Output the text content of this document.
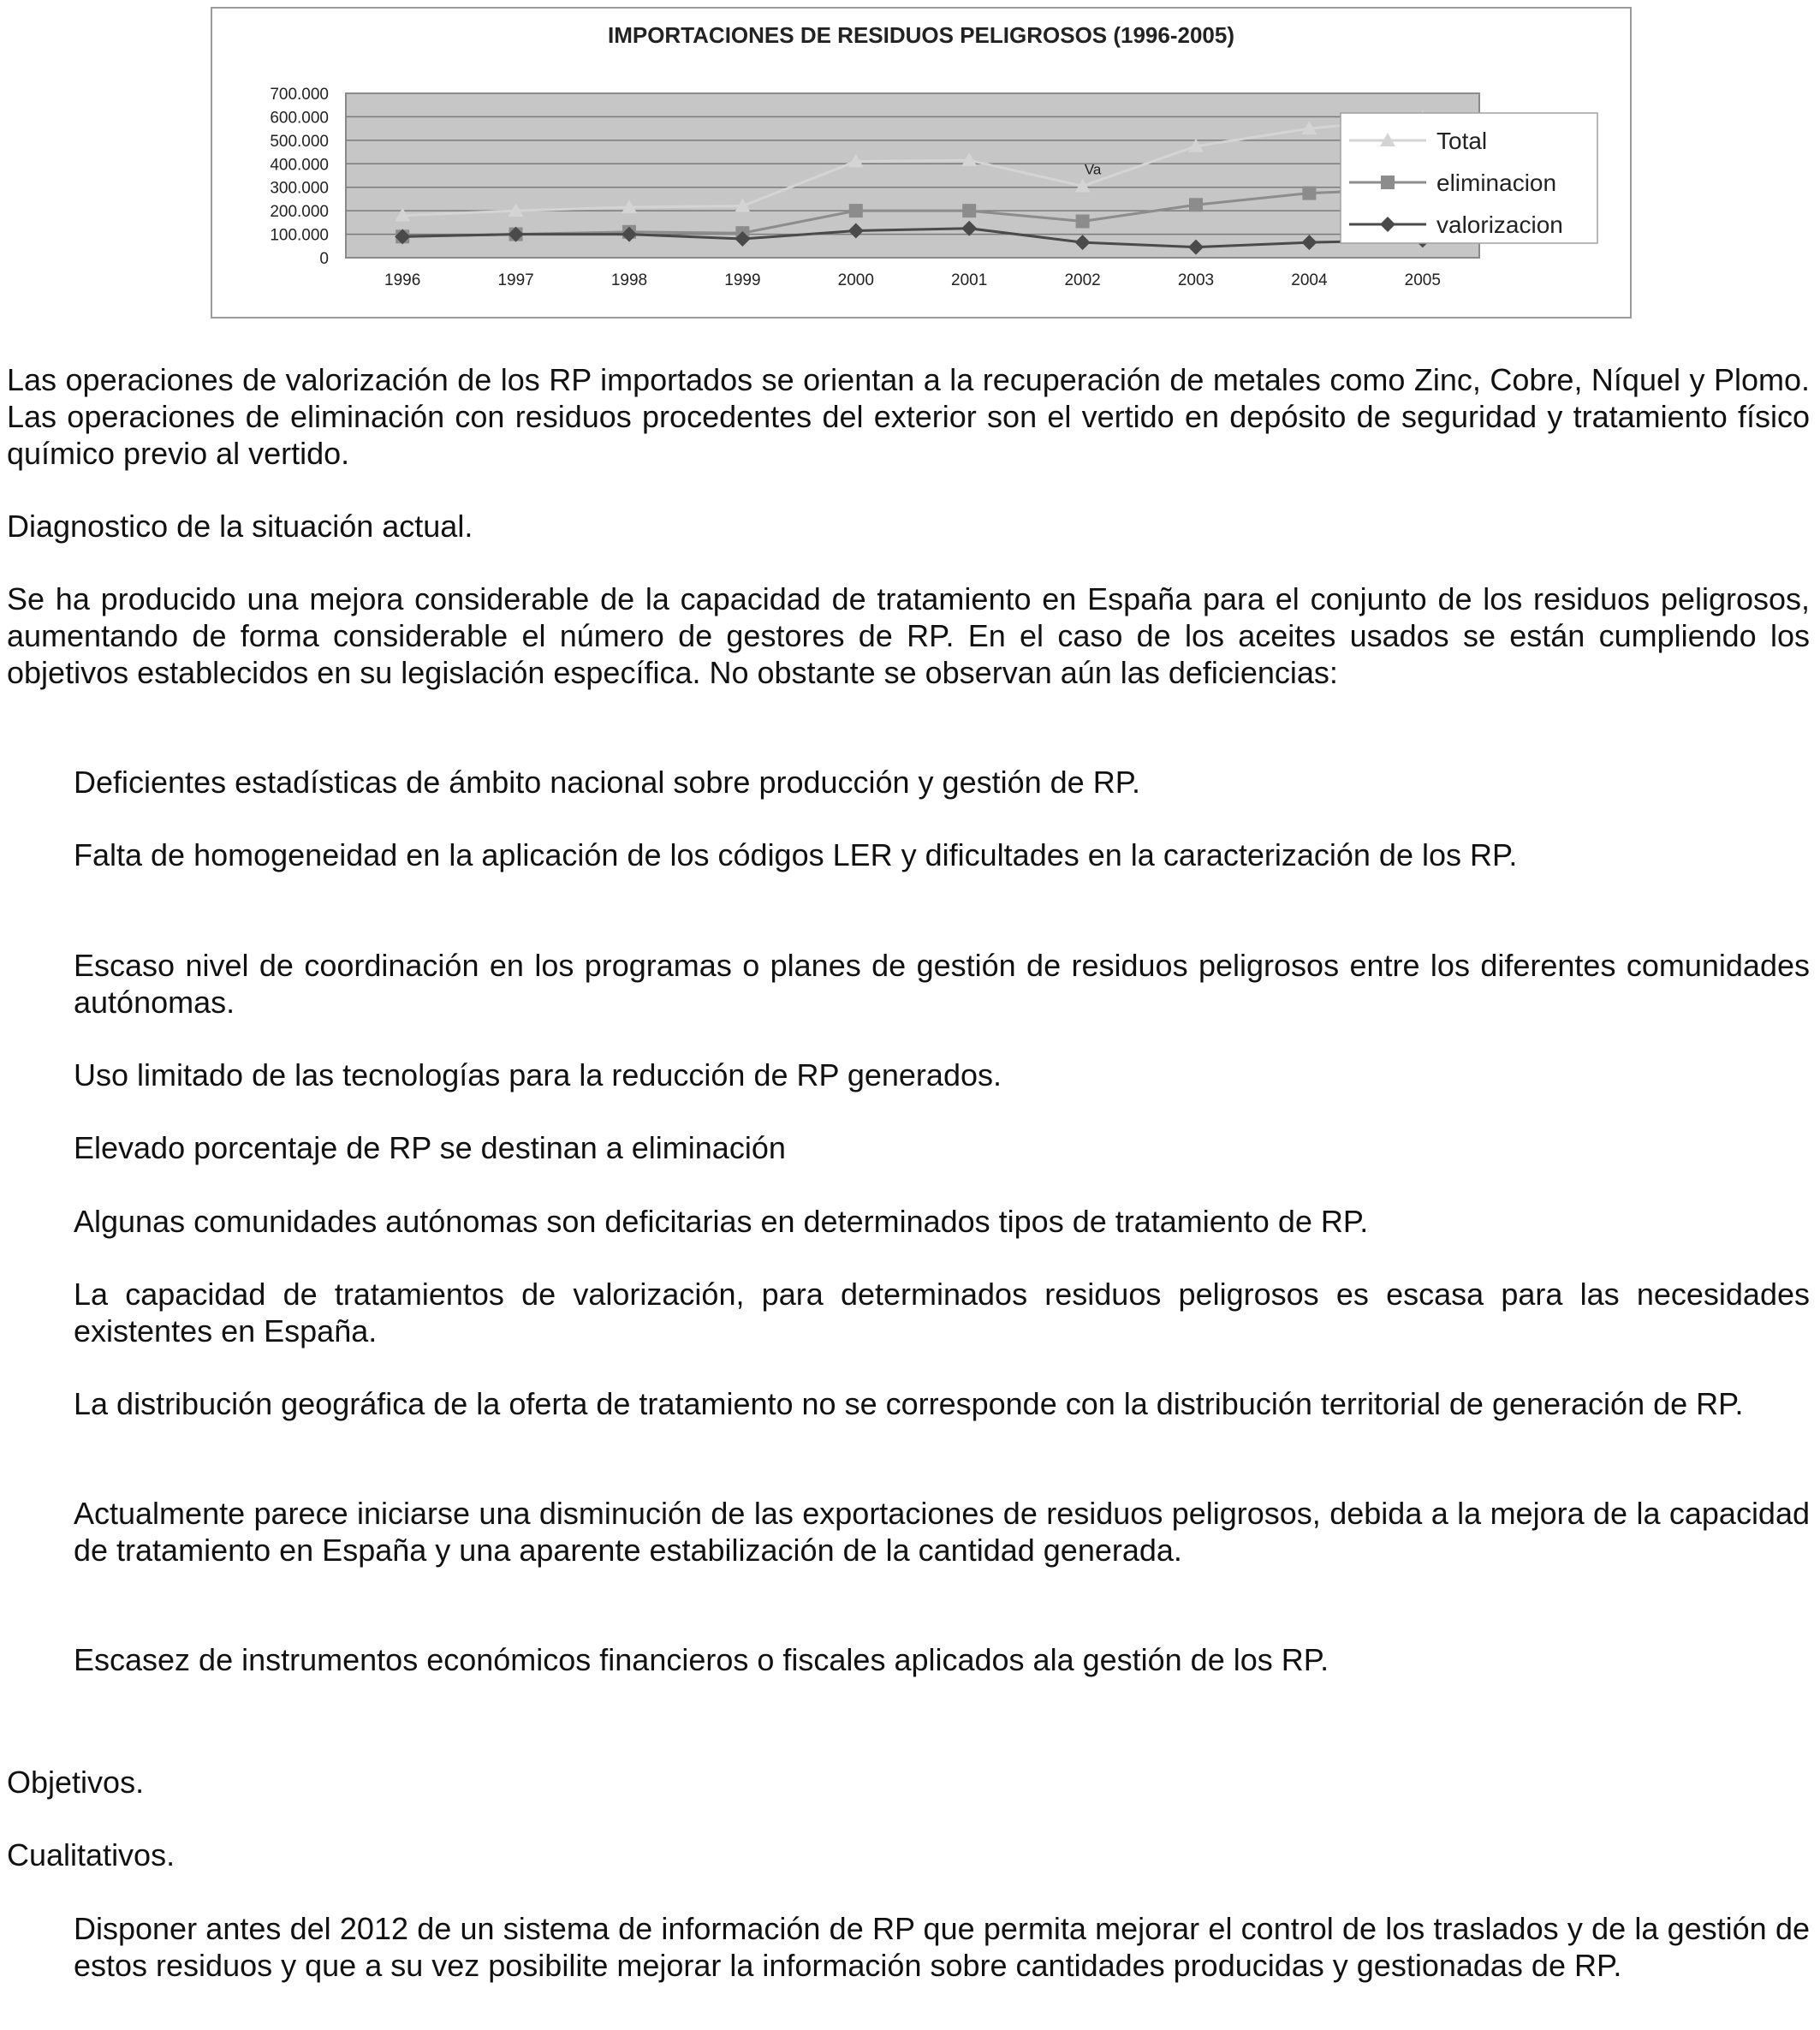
IMPORTACIONES DE RESIDUOS PELIGROSOS (1996-2005)
700.000
600.000
500.000
400.000
300.000
200.000
100.000
0
1996	1997	1998	1999	2000	2001	2002	2003	2004	2005
Va
Total
eliminacion
valorizacion

Las operaciones de valorización de los RP importados se orientan a la recuperación de metales como Zinc, Cobre, Níquel y Plomo. Las operaciones de eliminación con residuos procedentes del exterior son el vertido en depósito de seguridad y tratamiento físico químico previo al vertido.

Diagnostico de la situación actual.

Se ha producido una mejora considerable de la capacidad de tratamiento en España para el conjunto de los residuos peligrosos, aumentando de forma considerable el número de gestores de RP. En el caso de los aceites usados se están cumpliendo los objetivos establecidos en su legislación específica. No obstante se observan aún las deficiencias:

Deficientes estadísticas de ámbito nacional sobre producción y gestión de RP.

Falta de homogeneidad en la aplicación de los códigos LER y dificultades en la caracterización de los RP.

Escaso nivel de coordinación en los programas o planes de gestión de residuos peligrosos entre los diferentes comunidades autónomas.

Uso limitado de las tecnologías para la reducción de RP generados.

Elevado porcentaje de RP se destinan a eliminación

Algunas comunidades autónomas son deficitarias en determinados tipos de tratamiento de RP.

La capacidad de tratamientos de valorización, para determinados residuos peligrosos es escasa para las necesidades existentes en España.

La distribución geográfica de la oferta de tratamiento no se corresponde con la distribución territorial de generación de RP.

Actualmente parece iniciarse una disminución de las exportaciones de residuos peligrosos, debida a la mejora de la capacidad de tratamiento en España y una aparente estabilización de la cantidad generada.

Escasez de instrumentos económicos financieros o fiscales aplicados ala gestión de los RP.

Objetivos.

Cualitativos.

Disponer antes del 2012 de un sistema de información de RP que permita mejorar el control de los traslados y de la gestión de estos residuos y que a su vez posibilite mejorar la información sobre cantidades producidas y gestionadas de RP.
